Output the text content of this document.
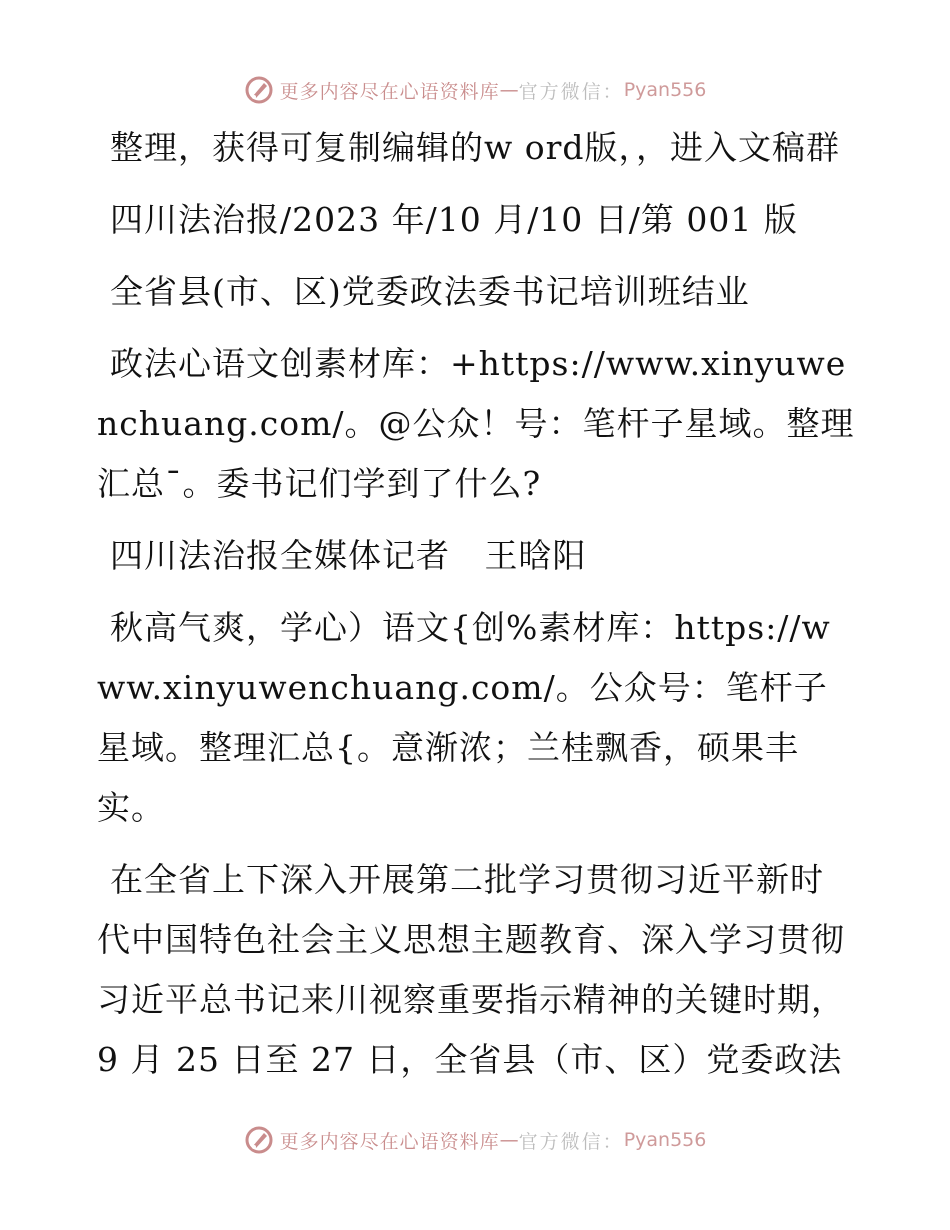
更多内容尽在心语资料库 — 官方微信： Pyan556

整理，获得可复制编辑的w ord版，，进入文稿群

四川法治报/2023 年/10 月/10 日/第 001 版

全省县(市、区)党委政法委书记培训班结业

政法心语文创素材库：+https://www.xinyuwenchuang.com/。@公众！号：笔杆子星域。整理汇总¯。委书记们学到了什么?

四川法治报全媒体记者   王晗阳

秋高气爽，学心）语文{创%素材库：https://www.xinyuwenchuang.com/。公众号：笔杆子星域。整理汇总{。意渐浓；兰桂飘香，硕果丰实。

在全省上下深入开展第二批学习贯彻习近平新时代中国特色社会主义思想主题教育、深入学习贯彻习近平总书记来川视察重要指示精神的关键时期，9 月 25 日至 27 日，全省县（市、区）党委政法

更多内容尽在心语资料库 — 官方微信： Pyan556
